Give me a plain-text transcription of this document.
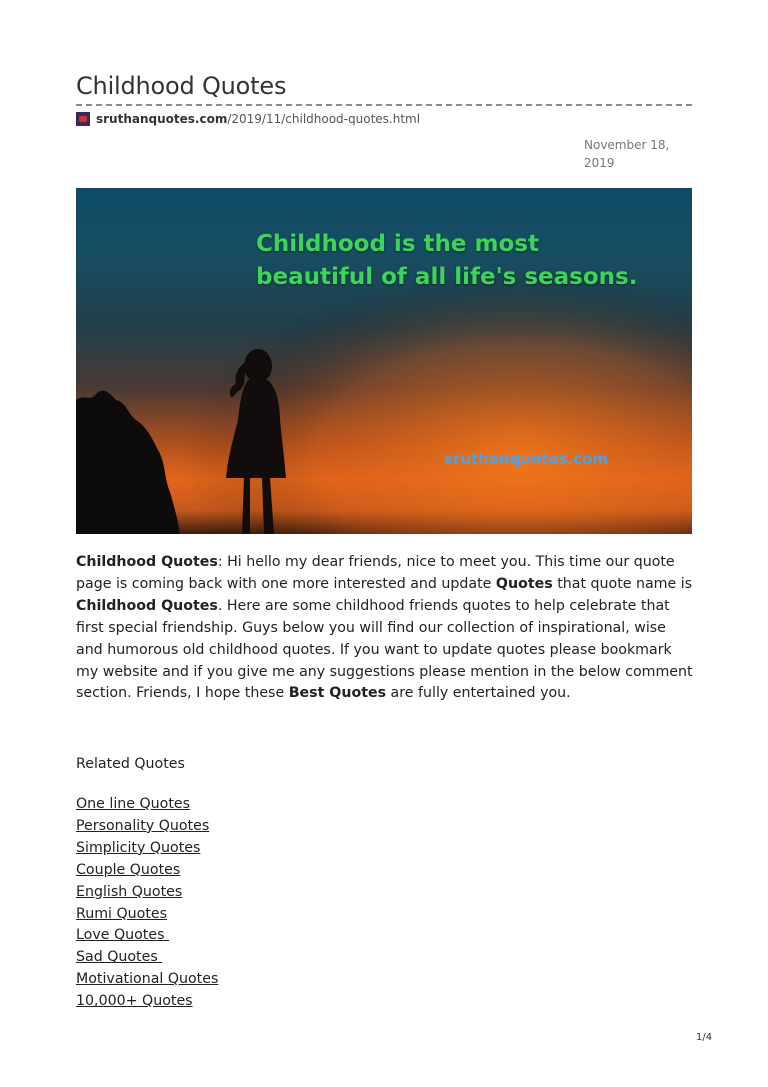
Childhood Quotes
sruthanquotes.com /2019/11/childhood-quotes.html
November 18, 2019
Childhood is the most
beautiful of all life's seasons.
sruthanquotes.com

Childhood Quotes: Hi hello my dear friends, nice to meet you. This time our quote page is coming back with one more interested and update Quotes that quote name is Childhood Quotes. Here are some childhood friends quotes to help celebrate that first special friendship. Guys below you will find our collection of inspirational, wise and humorous old childhood quotes. If you want to update quotes please bookmark my website and if you give me any suggestions please mention in the below comment section. Friends, I hope these Best Quotes are fully entertained you.

Related Quotes
One line Quotes
Personality Quotes
Simplicity Quotes
Couple Quotes
English Quotes
Rumi Quotes
Love Quotes
Sad Quotes
Motivational Quotes
10,000+ Quotes
1/4
